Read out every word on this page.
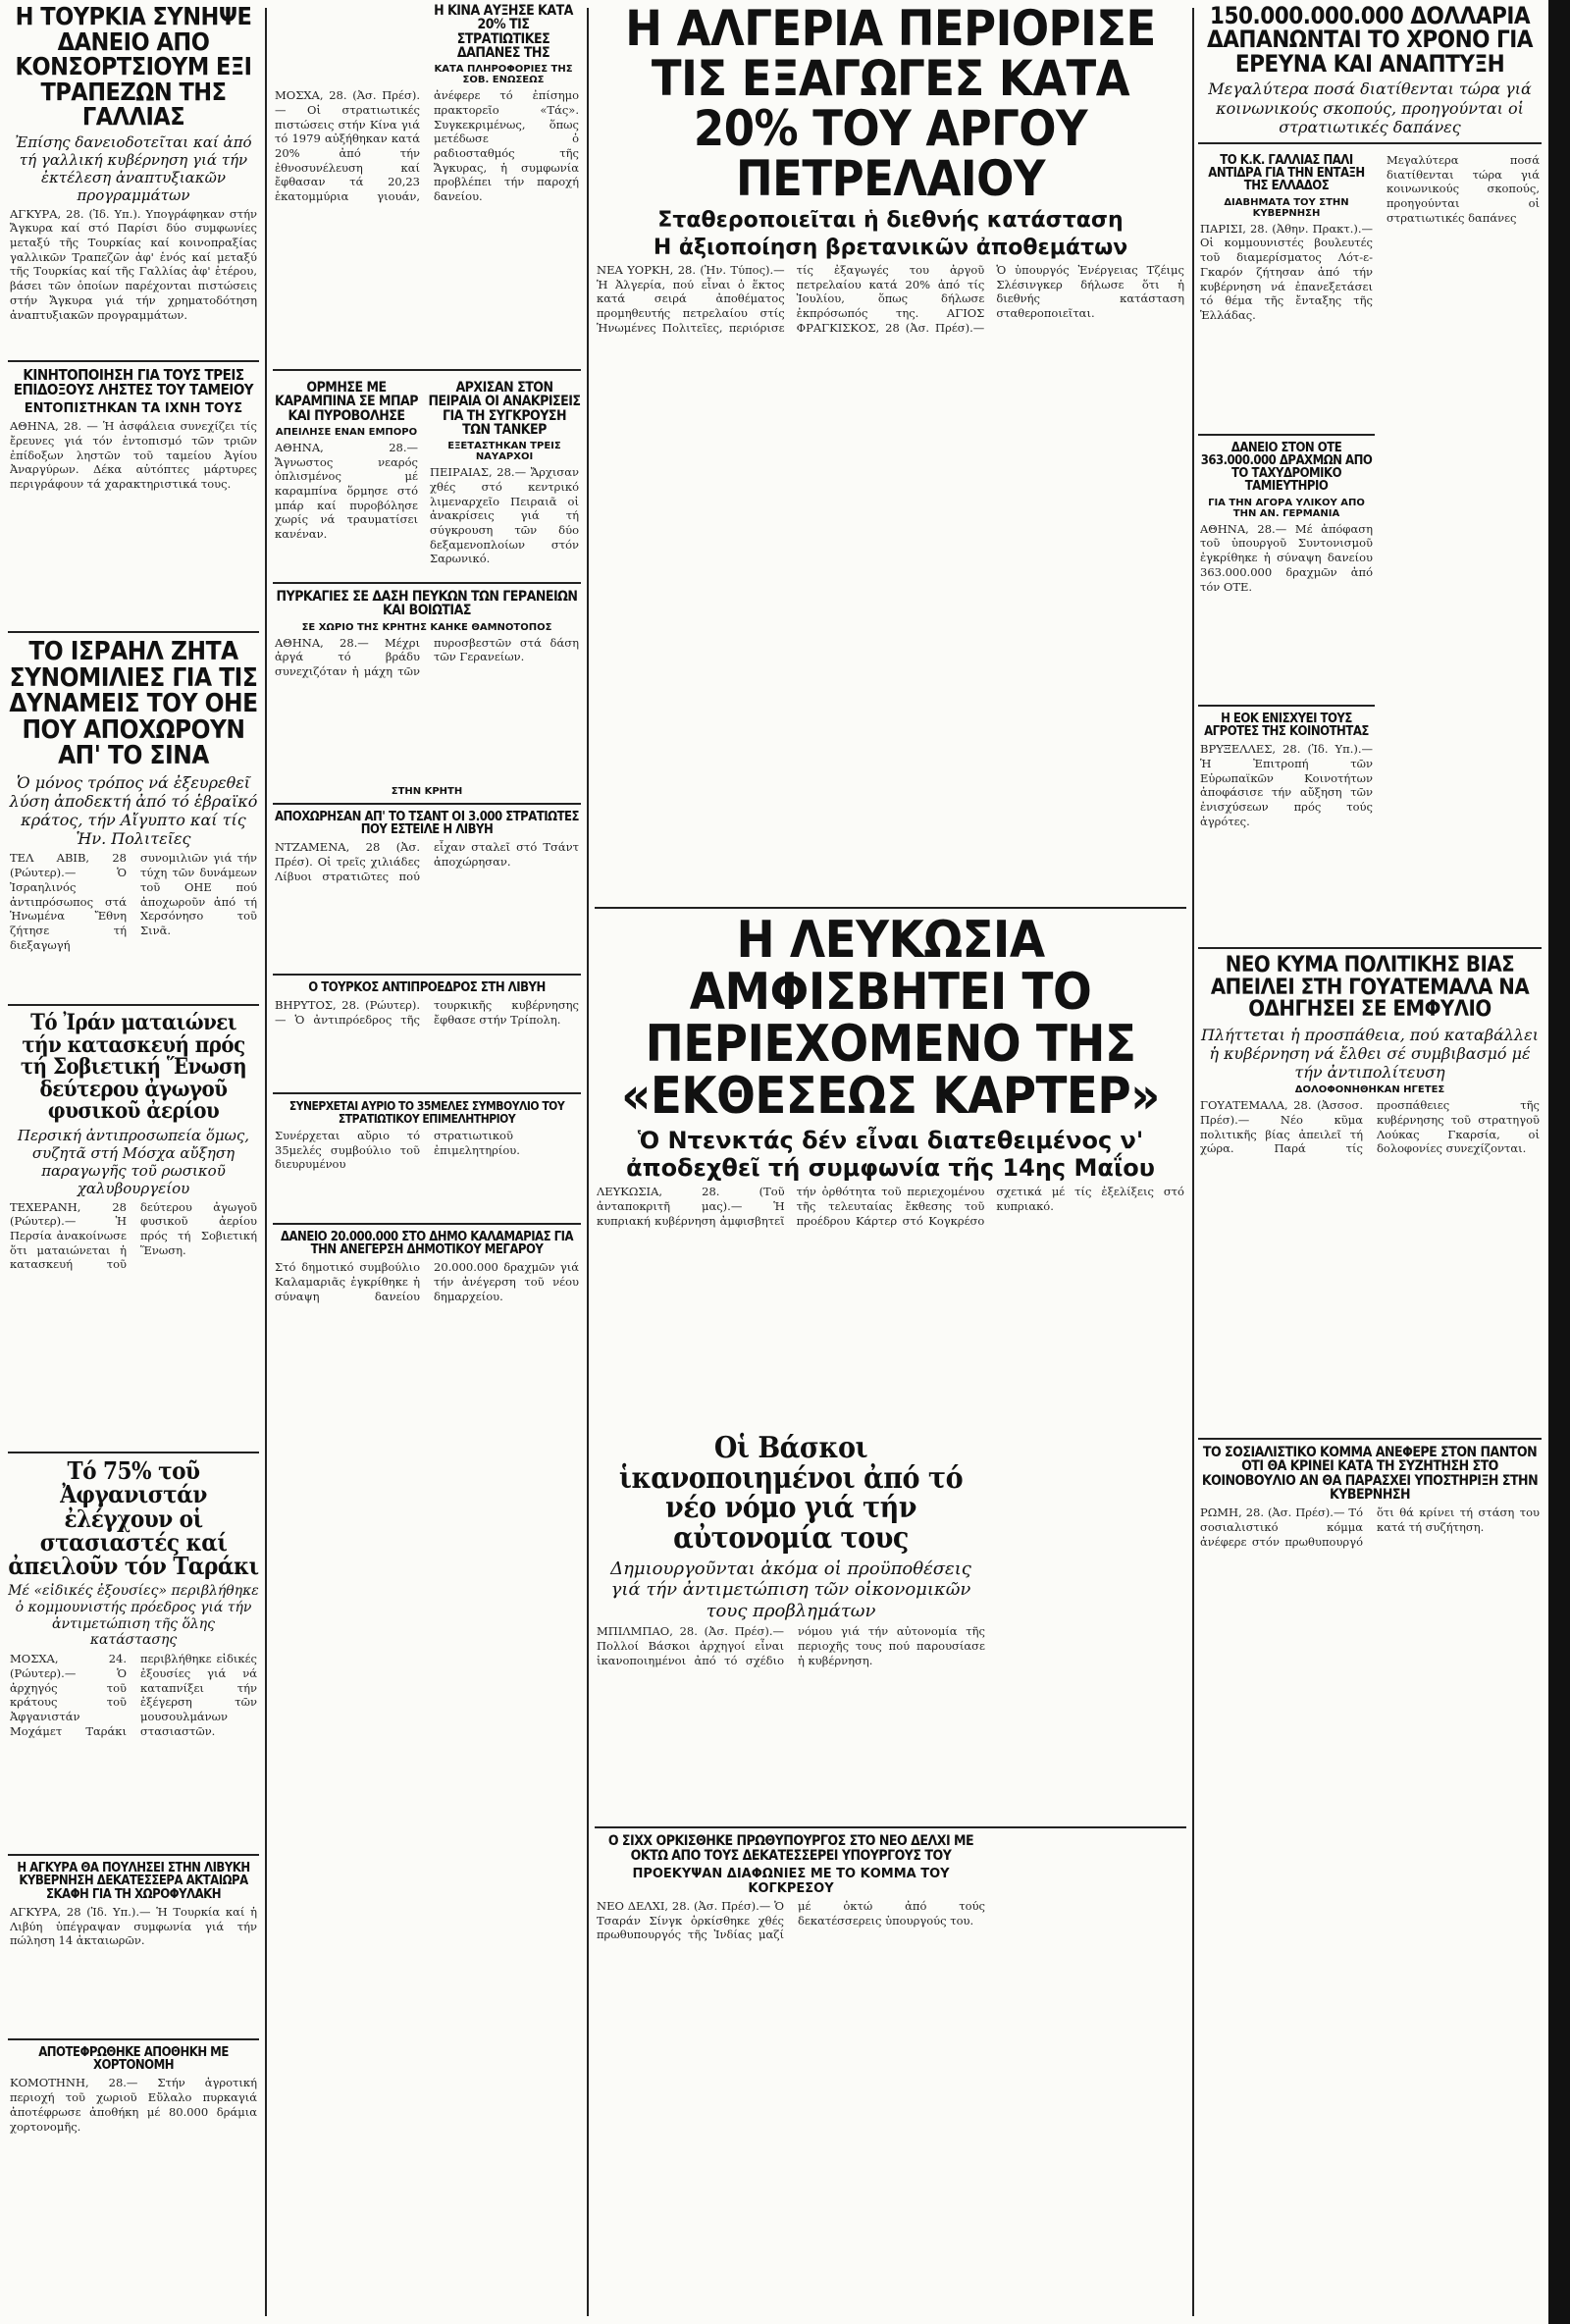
Η ΤΟΥΡΚΙΑ ΣΥΝΗΨΕ ΔΑΝΕΙΟ ΑΠΟ ΚΟΝΣΟΡΤΣΙΟΥΜ ΕΞΙ ΤΡΑΠΕΖΩΝ ΤΗΣ ΓΑΛΛΙΑΣ
Ἐπίσης δανειοδοτεῖται καί ἀπό τή γαλλική κυβέρνηση γιά τήν ἐκτέλεση ἀναπτυξιακῶν προγραμμάτων
ΑΓΚΥΡΑ, 28. (Ἰδ. Υπ.). Υπογράφηκαν στήν Ἄγκυρα καί στό Παρίσι δύο συμφωνίες μεταξύ τῆς Τουρκίας καί κοινοπραξίας γαλλικῶν Τραπεζῶν ἀφ' ἑνός καί μεταξύ τῆς Τουρκίας καί τῆς Γαλλίας ἀφ' ἑτέρου, βάσει τῶν ὁποίων παρέχονται πιστώσεις στήν Ἄγκυρα γιά τήν χρηματοδότηση ἀναπτυξιακῶν προγραμμάτων.
ΚΙΝΗΤΟΠΟΙΗΣΗ ΓΙΑ ΤΟΥΣ ΤΡΕΙΣ ΕΠΙΔΟΞΟΥΣ ΛΗΣΤΕΣ ΤΟΥ ΤΑΜΕΙΟΥ
ΕΝΤΟΠΙΣΤΗΚΑΝ ΤΑ ΙΧΝΗ ΤΟΥΣ
ΑΘΗΝΑ, 28. — Ἡ ἀσφάλεια συνεχίζει τίς ἔρευνες γιά τόν ἐντοπισμό τῶν τριῶν ἐπίδοξων ληστῶν τοῦ ταμείου Ἀγίου Ἀναργύρων. Δέκα αὐτόπτες μάρτυρες περιγράφουν τά χαρακτηριστικά τους.
ΤΟ ΙΣΡΑΗΛ ΖΗΤΑ ΣΥΝΟΜΙΛΙΕΣ ΓΙΑ ΤΙΣ ΔΥΝΑΜΕΙΣ ΤΟΥ ΟΗΕ ΠΟΥ ΑΠΟΧΩΡΟΥΝ ΑΠ' ΤΟ ΣΙΝΑ
Ὁ μόνος τρόπος νά ἐξευρεθεῖ λύση ἀποδεκτή ἀπό τό ἑβραϊκό κράτος, τήν Αἴγυπτο καί τίς Ἡν. Πολιτεῖες
ΤΕΛ ΑΒΙΒ, 28 (Ρώυτερ).— Ὁ Ἰσραηλινός ἀντιπρόσωπος στά Ἡνωμένα Ἔθνη ζήτησε τή διεξαγωγή συνομιλιῶν γιά τήν τύχη τῶν δυνάμεων τοῦ ΟΗΕ πού ἀποχωροῦν ἀπό τή Χερσόνησο τοῦ Σινᾶ.
Τό Ἰράν ματαιώνει τήν κατασκευή πρός τή Σοβιετική Ἕνωση δεύτερου ἀγωγοῦ φυσικοῦ ἀερίου
Περσική ἀντιπροσωπεία ὅμως, συζητᾶ στή Μόσχα αὔξηση παραγωγῆς τοῦ ρωσικοῦ χαλυβουργείου
ΤΕΧΕΡΑΝΗ, 28 (Ρώυτερ).— Ἡ Περσία ἀνακοίνωσε ὅτι ματαιώνεται ἡ κατασκευή τοῦ δεύτερου ἀγωγοῦ φυσικοῦ ἀερίου πρός τή Σοβιετική Ἕνωση.
Τό 75% τοῦ Ἀφγανιστάν ἐλέγχουν οἱ στασιαστές καί ἀπειλοῦν τόν Ταράκι
Μέ «εἰδικές ἐξουσίες» περιβλήθηκε ὁ κομμουνιστής πρόεδρος γιά τήν ἀντιμετώπιση τῆς ὅλης κατάστασης
ΜΟΣΧΑ, 24. (Ρώυτερ).— Ὁ ἀρχηγός τοῦ κράτους τοῦ Ἀφγανιστάν Μοχάμετ Ταράκι περιβλήθηκε εἰδικές ἐξουσίες γιά νά καταπνίξει τήν ἐξέγερση τῶν μουσουλμάνων στασιαστῶν.
Η ΑΓΚΥΡΑ ΘΑ ΠΟΥΛΗΣΕΙ ΣΤΗΝ ΛΙΒΥΚΗ ΚΥΒΕΡΝΗΣΗ ΔΕΚΑΤΕΣΣΕΡΑ ΑΚΤΑΙΩΡΑ ΣΚΑΦΗ ΓΙΑ ΤΗ ΧΩΡΟΦΥΛΑΚΗ
ΑΓΚΥΡΑ, 28 (Ἰδ. Υπ.).— Ἡ Τουρκία καί ἡ Λιβύη ὑπέγραψαν συμφωνία γιά τήν πώληση 14 ἀκταιωρῶν.
ΑΠΟΤΕΦΡΩΘΗΚΕ ΑΠΟΘΗΚΗ ΜΕ ΧΟΡΤΟΝΟΜΗ
ΚΟΜΟΤΗΝΗ, 28.— Στήν ἀγροτική περιοχή τοῦ χωριοῦ Εὔλαλο πυρκαγιά ἀποτέφρωσε ἀποθήκη μέ 80.000 δράμια χορτονομῆς.
Η ΚΙΝΑ ΑΥΞΗΣΕ ΚΑΤΑ 20% ΤΙΣ ΣΤΡΑΤΙΩΤΙΚΕΣ ΔΑΠΑΝΕΣ ΤΗΣ
ΚΑΤΑ ΠΛΗΡΟΦΟΡΙΕΣ ΤΗΣ ΣΟΒ. ΕΝΩΣΕΩΣ
ΜΟΣΧΑ, 28. (Ἀσ. Πρέσ).— Οἱ στρατιωτικές πιστώσεις στήν Κίνα γιά τό 1979 αὐξήθηκαν κατά 20% ἀπό τήν ἐθνοσυνέλευση καί ἔφθασαν τά 20,23 ἑκατομμύρια γιουάν, ἀνέφερε τό ἐπίσημο πρακτορεῖο «Τάς». Συγκεκριμένως, ὅπως μετέδωσε ὁ ραδιοσταθμός τῆς Ἄγκυρας, ἡ συμφωνία προβλέπει τήν παροχή δανείου.
ΟΡΜΗΣΕ ΜΕ ΚΑΡΑΜΠΙΝΑ ΣΕ ΜΠΑΡ ΚΑΙ ΠΥΡΟΒΟΛΗΣΕ
ΑΠΕΙΛΗΣΕ ΕΝΑΝ ΕΜΠΟΡΟ
ΑΘΗΝΑ, 28.— Ἄγνωστος νεαρός ὁπλισμένος μέ καραμπίνα ὅρμησε στό μπάρ καί πυροβόλησε χωρίς νά τραυματίσει κανέναν.
ΑΡΧΙΣΑΝ ΣΤΟΝ ΠΕΙΡΑΙΑ ΟΙ ΑΝΑΚΡΙΣΕΙΣ ΓΙΑ ΤΗ ΣΥΓΚΡΟΥΣΗ ΤΩΝ ΤΑΝΚΕΡ
ΕΞΕΤΑΣΤΗΚΑΝ ΤΡΕΙΣ ΝΑΥΑΡΧΟΙ
ΠΕΙΡΑΙΑΣ, 28.— Ἄρχισαν χθές στό κεντρικό λιμεναρχεῖο Πειραιᾶ οἱ ἀνακρίσεις γιά τή σύγκρουση τῶν δύο δεξαμενοπλοίων στόν Σαρωνικό.
ΠΥΡΚΑΓΙΕΣ ΣΕ ΔΑΣΗ ΠΕΥΚΩΝ ΤΩΝ ΓΕΡΑΝΕΙΩΝ ΚΑΙ ΒΟΙΩΤΙΑΣ
ΣΕ ΧΩΡΙΟ ΤΗΣ ΚΡΗΤΗΣ ΚΑΗΚΕ ΘΑΜΝΟΤΟΠΟΣ
ΑΘΗΝΑ, 28.— Μέχρι ἀργά τό βράδυ συνεχιζόταν ἡ μάχη τῶν πυροσβεστῶν στά δάση τῶν Γερανείων.
ΣΤΗΝ ΚΡΗΤΗ
ΑΠΟΧΩΡΗΣΑΝ ΑΠ' ΤΟ ΤΣΑΝΤ ΟΙ 3.000 ΣΤΡΑΤΙΩΤΕΣ ΠΟΥ ΕΣΤΕΙΛΕ Η ΛΙΒΥΗ
ΝΤΖΑΜΕΝΑ, 28 (Ἀσ. Πρέσ). Οἱ τρεῖς χιλιάδες Λίβυοι στρατιῶτες πού εἶχαν σταλεῖ στό Τσάντ ἀποχώρησαν.
Ο ΤΟΥΡΚΟΣ ΑΝΤΙΠΡΟΕΔΡΟΣ ΣΤΗ ΛΙΒΥΗ
ΒΗΡΥΤΟΣ, 28. (Ρώυτερ).— Ὁ ἀντιπρόεδρος τῆς τουρκικῆς κυβέρνησης ἔφθασε στήν Τρίπολη.
ΣΥΝΕΡΧΕΤΑΙ ΑΥΡΙΟ ΤΟ 35ΜΕΛΕΣ ΣΥΜΒΟΥΛΙΟ ΤΟΥ ΣΤΡΑΤΙΩΤΙΚΟΥ ΕΠΙΜΕΛΗΤΗΡΙΟΥ
Συνέρχεται αὔριο τό 35μελές συμβούλιο τοῦ διευρυμένου στρατιωτικοῦ ἐπιμελητηρίου.
ΔΑΝΕΙΟ 20.000.000 ΣΤΟ ΔΗΜΟ ΚΑΛΑΜΑΡΙΑΣ ΓΙΑ ΤΗΝ ΑΝΕΓΕΡΣΗ ΔΗΜΟΤΙΚΟΥ ΜΕΓΑΡΟΥ
Στό δημοτικό συμβούλιο Καλαμαριᾶς ἐγκρίθηκε ἡ σύναψη δανείου 20.000.000 δραχμῶν γιά τήν ἀνέγερση τοῦ νέου δημαρχείου.
Η ΑΛΓΕΡΙΑ ΠΕΡΙΟΡΙΣΕ ΤΙΣ ΕΞΑΓΩΓΕΣ ΚΑΤΑ 20% ΤΟΥ ΑΡΓΟΥ ΠΕΤΡΕΛΑΙΟΥ
Σταθεροποιεῖται ἡ διεθνής κατάσταση
Η ἀξιοποίηση βρετανικῶν ἀποθεμάτων
ΝΕΑ ΥΟΡΚΗ, 28. (Ἡν. Τύπος).— Ἡ Ἀλγερία, πού εἶναι ὁ ἕκτος κατά σειρά ἀποθέματος προμηθευτής πετρελαίου στίς Ἡνωμένες Πολιτεῖες, περιόρισε τίς ἐξαγωγές του ἀργοῦ πετρελαίου κατά 20% ἀπό τίς Ἰουλίου, ὅπως δήλωσε ἐκπρόσωπός της. ΑΓΙΟΣ ΦΡΑΓΚΙΣΚΟΣ, 28 (Ἀσ. Πρέσ).— Ὁ ὑπουργός Ἐνέργειας Τζέιμς Σλέσινγκερ δήλωσε ὅτι ἡ διεθνής κατάσταση σταθεροποιεῖται.
Η ΛΕΥΚΩΣΙΑ ΑΜΦΙΣΒΗΤΕΙ ΤΟ ΠΕΡΙΕΧΟΜΕΝΟ ΤΗΣ «ΕΚΘΕΣΕΩΣ ΚΑΡΤΕΡ»
Ὁ Ντενκτάς δέν εἶναι διατεθειμένος ν' ἀποδεχθεῖ τή συμφωνία τῆς 14ης Μαΐου
ΛΕΥΚΩΣΙΑ, 28. (Τοῦ ἀνταποκριτῆ μας).— Ἡ κυπριακή κυβέρνηση ἀμφισβητεῖ τήν ὀρθότητα τοῦ περιεχομένου τῆς τελευταίας ἔκθεσης τοῦ προέδρου Κάρτερ στό Κογκρέσο σχετικά μέ τίς ἐξελίξεις στό κυπριακό.
Οἱ Βάσκοι ἱκανοποιημένοι ἀπό τό νέο νόμο γιά τήν αὐτονομία τους
Δημιουργοῦνται ἀκόμα οἱ προϋποθέσεις γιά τήν ἀντιμετώπιση τῶν οἰκονομικῶν τους προβλημάτων
ΜΠΙΛΜΠΑΟ, 28. (Ἀσ. Πρέσ).— Πολλοί Βάσκοι ἀρχηγοί εἶναι ἱκανοποιημένοι ἀπό τό σχέδιο νόμου γιά τήν αὐτονομία τῆς περιοχῆς τους πού παρουσίασε ἡ κυβέρνηση.
Ο ΣΙΧΧ ΟΡΚΙΣΘΗΚΕ ΠΡΩΘΥΠΟΥΡΓΟΣ ΣΤΟ ΝΕΟ ΔΕΛΧΙ ΜΕ ΟΚΤΩ ΑΠΟ ΤΟΥΣ ΔΕΚΑΤΕΣΣΕΡΕΙ ΥΠΟΥΡΓΟΥΣ ΤΟΥ
ΠΡΟΕΚΥΨΑΝ ΔΙΑΦΩΝΙΕΣ ΜΕ ΤΟ ΚΟΜΜΑ ΤΟΥ ΚΟΓΚΡΕΣΟΥ
ΝΕΟ ΔΕΛΧΙ, 28. (Ἀσ. Πρέσ).— Ὁ Τσαράν Σίνγκ ὁρκίσθηκε χθές πρωθυπουργός τῆς Ἰνδίας μαζί μέ ὀκτώ ἀπό τούς δεκατέσσερεις ὑπουργούς του.
150.000.000.000 ΔΟΛΛΑΡΙΑ ΔΑΠΑΝΩΝΤΑΙ ΤΟ ΧΡΟΝΟ ΓΙΑ ΕΡΕΥΝΑ ΚΑΙ ΑΝΑΠΤΥΞΗ
Μεγαλύτερα ποσά διατίθενται τώρα γιά κοινωνικούς σκοπούς, προηγούνται οἱ στρατιωτικές δαπάνες
ΤΟ Κ.Κ. ΓΑΛΛΙΑΣ ΠΑΛΙ ΑΝΤΙΔΡΑ ΓΙΑ ΤΗΝ ΕΝΤΑΞΗ ΤΗΣ ΕΛΛΑΔΟΣ
ΔΙΑΒΗΜΑΤΑ ΤΟΥ ΣΤΗΝ ΚΥΒΕΡΝΗΣΗ
ΠΑΡΙΣΙ, 28. (Ἀθην. Πρακτ.).— Οἱ κομμουνιστές βουλευτές τοῦ διαμερίσματος Λότ-ε-Γκαρόν ζήτησαν ἀπό τήν κυβέρνηση νά ἐπανεξετάσει τό θέμα τῆς ἔνταξης τῆς Ἑλλάδας.
ΔΑΝΕΙΟ ΣΤΟΝ ΟΤΕ 363.000.000 ΔΡΑΧΜΩΝ ΑΠΟ ΤΟ ΤΑΧΥΔΡΟΜΙΚΟ ΤΑΜΙΕΥΤΗΡΙΟ
ΓΙΑ ΤΗΝ ΑΓΟΡΑ ΥΛΙΚΟΥ ΑΠΟ ΤΗΝ ΑΝ. ΓΕΡΜΑΝΙΑ
ΑΘΗΝΑ, 28.— Μέ ἀπόφαση τοῦ ὑπουργοῦ Συντονισμοῦ ἐγκρίθηκε ἡ σύναψη δανείου 363.000.000 δραχμῶν ἀπό τόν ΟΤΕ.
Η ΕΟΚ ΕΝΙΣΧΥΕΙ ΤΟΥΣ ΑΓΡΟΤΕΣ ΤΗΣ ΚΟΙΝΟΤΗΤΑΣ
ΒΡΥΞΕΛΛΕΣ, 28. (Ἰδ. Υπ.).— Ἡ Ἐπιτροπή τῶν Εὐρωπαϊκῶν Κοινοτήτων ἀποφάσισε τήν αὔξηση τῶν ἐνισχύσεων πρός τούς ἀγρότες.
Μεγαλύτερα ποσά διατίθενται τώρα γιά κοινωνικούς σκοπούς, προηγούνται οἱ στρατιωτικές δαπάνες
ΝΕΟ ΚΥΜΑ ΠΟΛΙΤΙΚΗΣ ΒΙΑΣ ΑΠΕΙΛΕΙ ΣΤΗ ΓΟΥΑΤΕΜΑΛΑ ΝΑ ΟΔΗΓΗΣΕΙ ΣΕ ΕΜΦΥΛΙΟ
Πλήττεται ἡ προσπάθεια, πού καταβάλλει ἡ κυβέρνηση νά ἔλθει σέ συμβιβασμό μέ τήν ἀντιπολίτευση
ΔΟΛΟΦΟΝΗΘΗΚΑΝ ΗΓΕΤΕΣ
ΓΟΥΑΤΕΜΑΛΑ, 28. (Ἀσσοσ. Πρέσ).— Νέο κῦμα πολιτικῆς βίας ἀπειλεῖ τή χώρα. Παρά τίς προσπάθειες τῆς κυβέρνησης τοῦ στρατηγοῦ Λούκας Γκαρσία, οἱ δολοφονίες συνεχίζονται.
ΤΟ ΣΟΣΙΑΛΙΣΤΙΚΟ ΚΟΜΜΑ ΑΝΕΦΕΡΕ ΣΤΟΝ ΠΑΝΤΟΝ ΟΤΙ ΘΑ ΚΡΙΝΕΙ ΚΑΤΑ ΤΗ ΣΥΖΗΤΗΣΗ ΣΤΟ ΚΟΙΝΟΒΟΥΛΙΟ ΑΝ ΘΑ ΠΑΡΑΣΧΕΙ ΥΠΟΣΤΗΡΙΞΗ ΣΤΗΝ ΚΥΒΕΡΝΗΣΗ
ΡΩΜΗ, 28. (Ἀσ. Πρέσ).— Τό σοσιαλιστικό κόμμα ἀνέφερε στόν πρωθυπουργό ὅτι θά κρίνει τή στάση του κατά τή συζήτηση.
